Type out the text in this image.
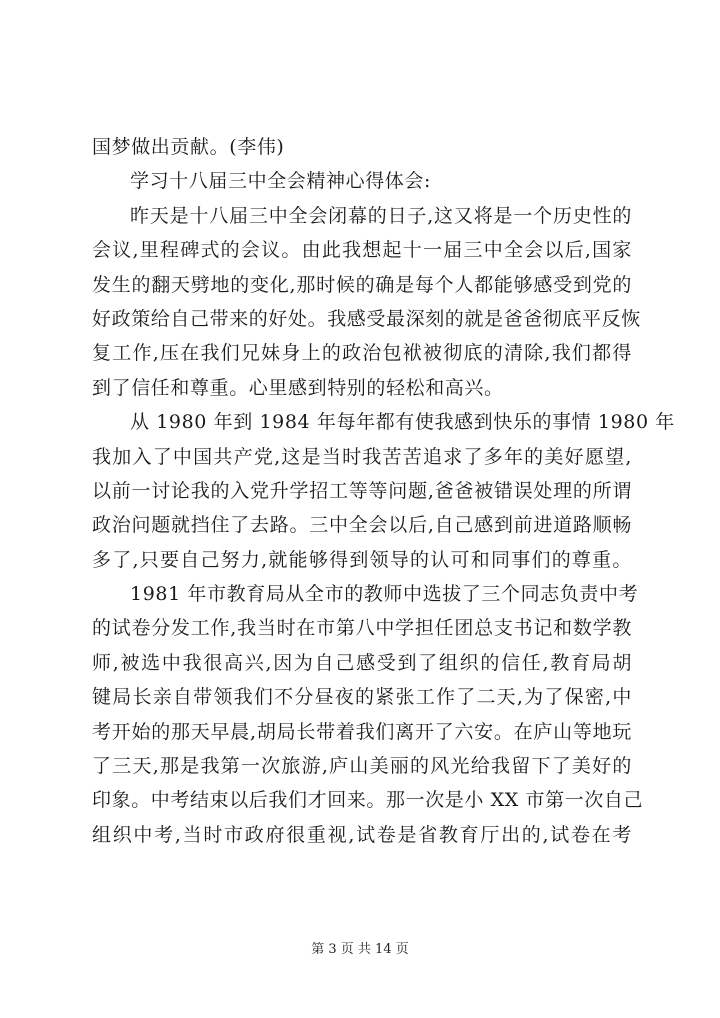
国梦做出贡献。(李伟)
学习十八届三中全会精神心得体会:
昨天是十八届三中全会闭幕的日子,这又将是一个历史性的
会议,里程碑式的会议。由此我想起十一届三中全会以后,国家
发生的翻天劈地的变化,那时候的确是每个人都能够感受到党的
好政策给自己带来的好处。我感受最深刻的就是爸爸彻底平反恢
复工作,压在我们兄妹身上的政治包袱被彻底的清除,我们都得
到了信任和尊重。心里感到特别的轻松和高兴。
从 1980 年到 1984 年每年都有使我感到快乐的事情 1980 年
我加入了中国共产党,这是当时我苦苦追求了多年的美好愿望,
以前一讨论我的入党升学招工等等问题,爸爸被错误处理的所谓
政治问题就挡住了去路。三中全会以后,自己感到前进道路顺畅
多了,只要自己努力,就能够得到领导的认可和同事们的尊重。
1981 年市教育局从全市的教师中选拔了三个同志负责中考
的试卷分发工作,我当时在市第八中学担任团总支书记和数学教
师,被选中我很高兴,因为自己感受到了组织的信任,教育局胡
键局长亲自带领我们不分昼夜的紧张工作了二天,为了保密,中
考开始的那天早晨,胡局长带着我们离开了六安。在庐山等地玩
了三天,那是我第一次旅游,庐山美丽的风光给我留下了美好的
印象。中考结束以后我们才回来。那一次是小 XX 市第一次自己
组织中考,当时市政府很重视,试卷是省教育厅出的,试卷在考
第 3 页 共 14 页
